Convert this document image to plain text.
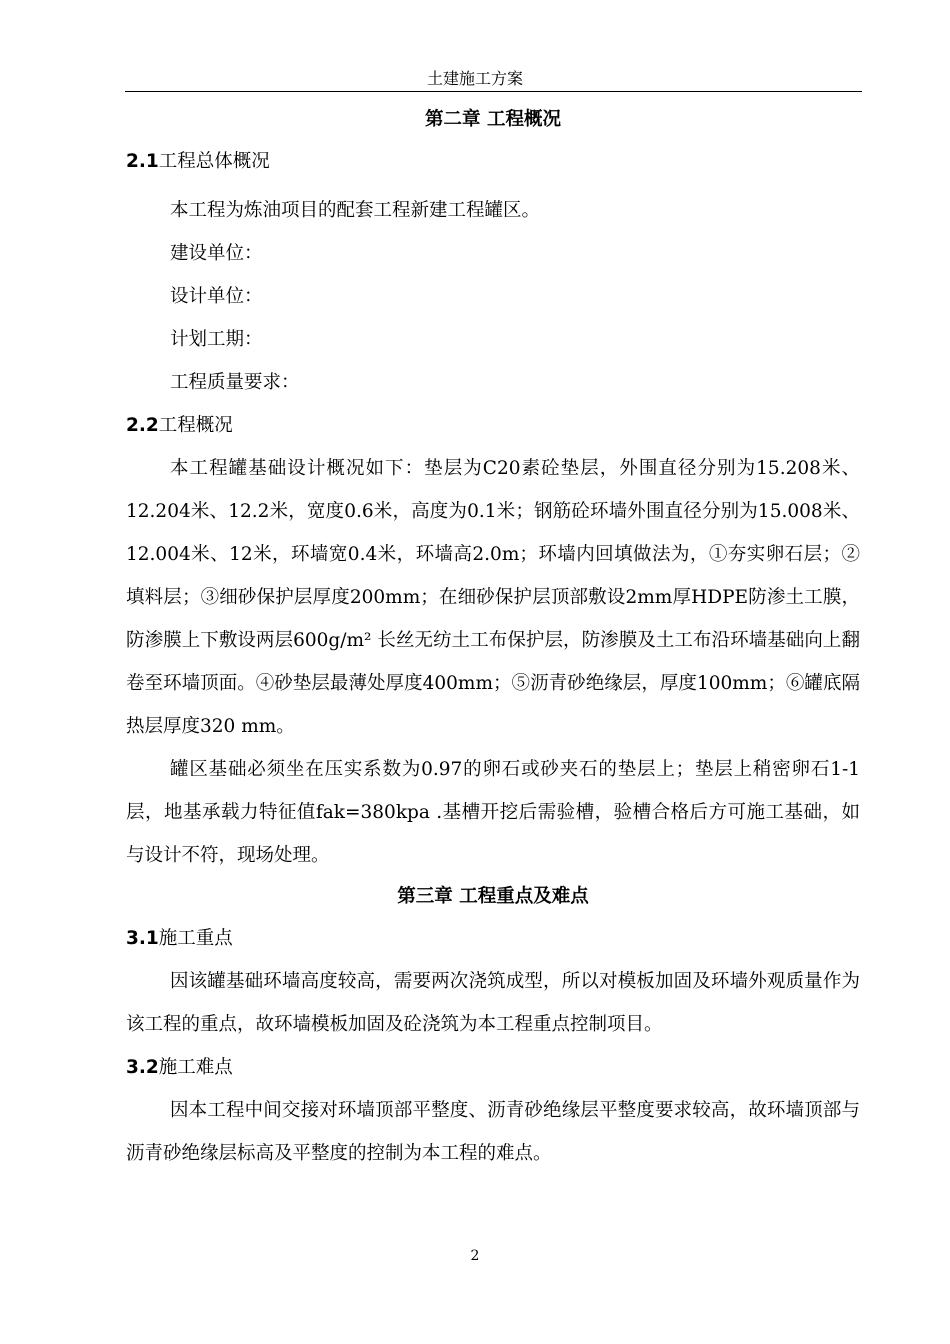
土建施工方案
第二章 工程概况
2.1工程总体概况

本工程为炼油项目的配套工程新建工程罐区。

建设单位：

设计单位：

计划工期：

工程质量要求：

2.2工程概况

本工程罐基础设计概况如下：垫层为C20素砼垫层，外围直径分别为15.208米、12.204米、12.2米，宽度0.6米，高度为0.1米；钢筋砼环墙外围直径分别为15.008米、12.004米、12米，环墙宽0.4米，环墙高2.0m；环墙内回填做法为，①夯实卵石层；②填料层；③细砂保护层厚度200mm；在细砂保护层顶部敷设2mm厚HDPE防渗土工膜，防渗膜上下敷设两层600g/m² 长丝无纺土工布保护层，防渗膜及土工布沿环墙基础向上翻卷至环墙顶面。④砂垫层最薄处厚度400mm；⑤沥青砂绝缘层，厚度100mm；⑥罐底隔热层厚度320 mm。

罐区基础必须坐在压实系数为0.97的卵石或砂夹石的垫层上；垫层上稍密卵石1-1层，地基承载力特征值fak=380kpa .基槽开挖后需验槽，验槽合格后方可施工基础，如与设计不符，现场处理。

第三章 工程重点及难点
3.1施工重点

因该罐基础环墙高度较高，需要两次浇筑成型，所以对模板加固及环墙外观质量作为该工程的重点，故环墙模板加固及砼浇筑为本工程重点控制项目。

3.2施工难点

因本工程中间交接对环墙顶部平整度、沥青砂绝缘层平整度要求较高，故环墙顶部与沥青砂绝缘层标高及平整度的控制为本工程的难点。

2
